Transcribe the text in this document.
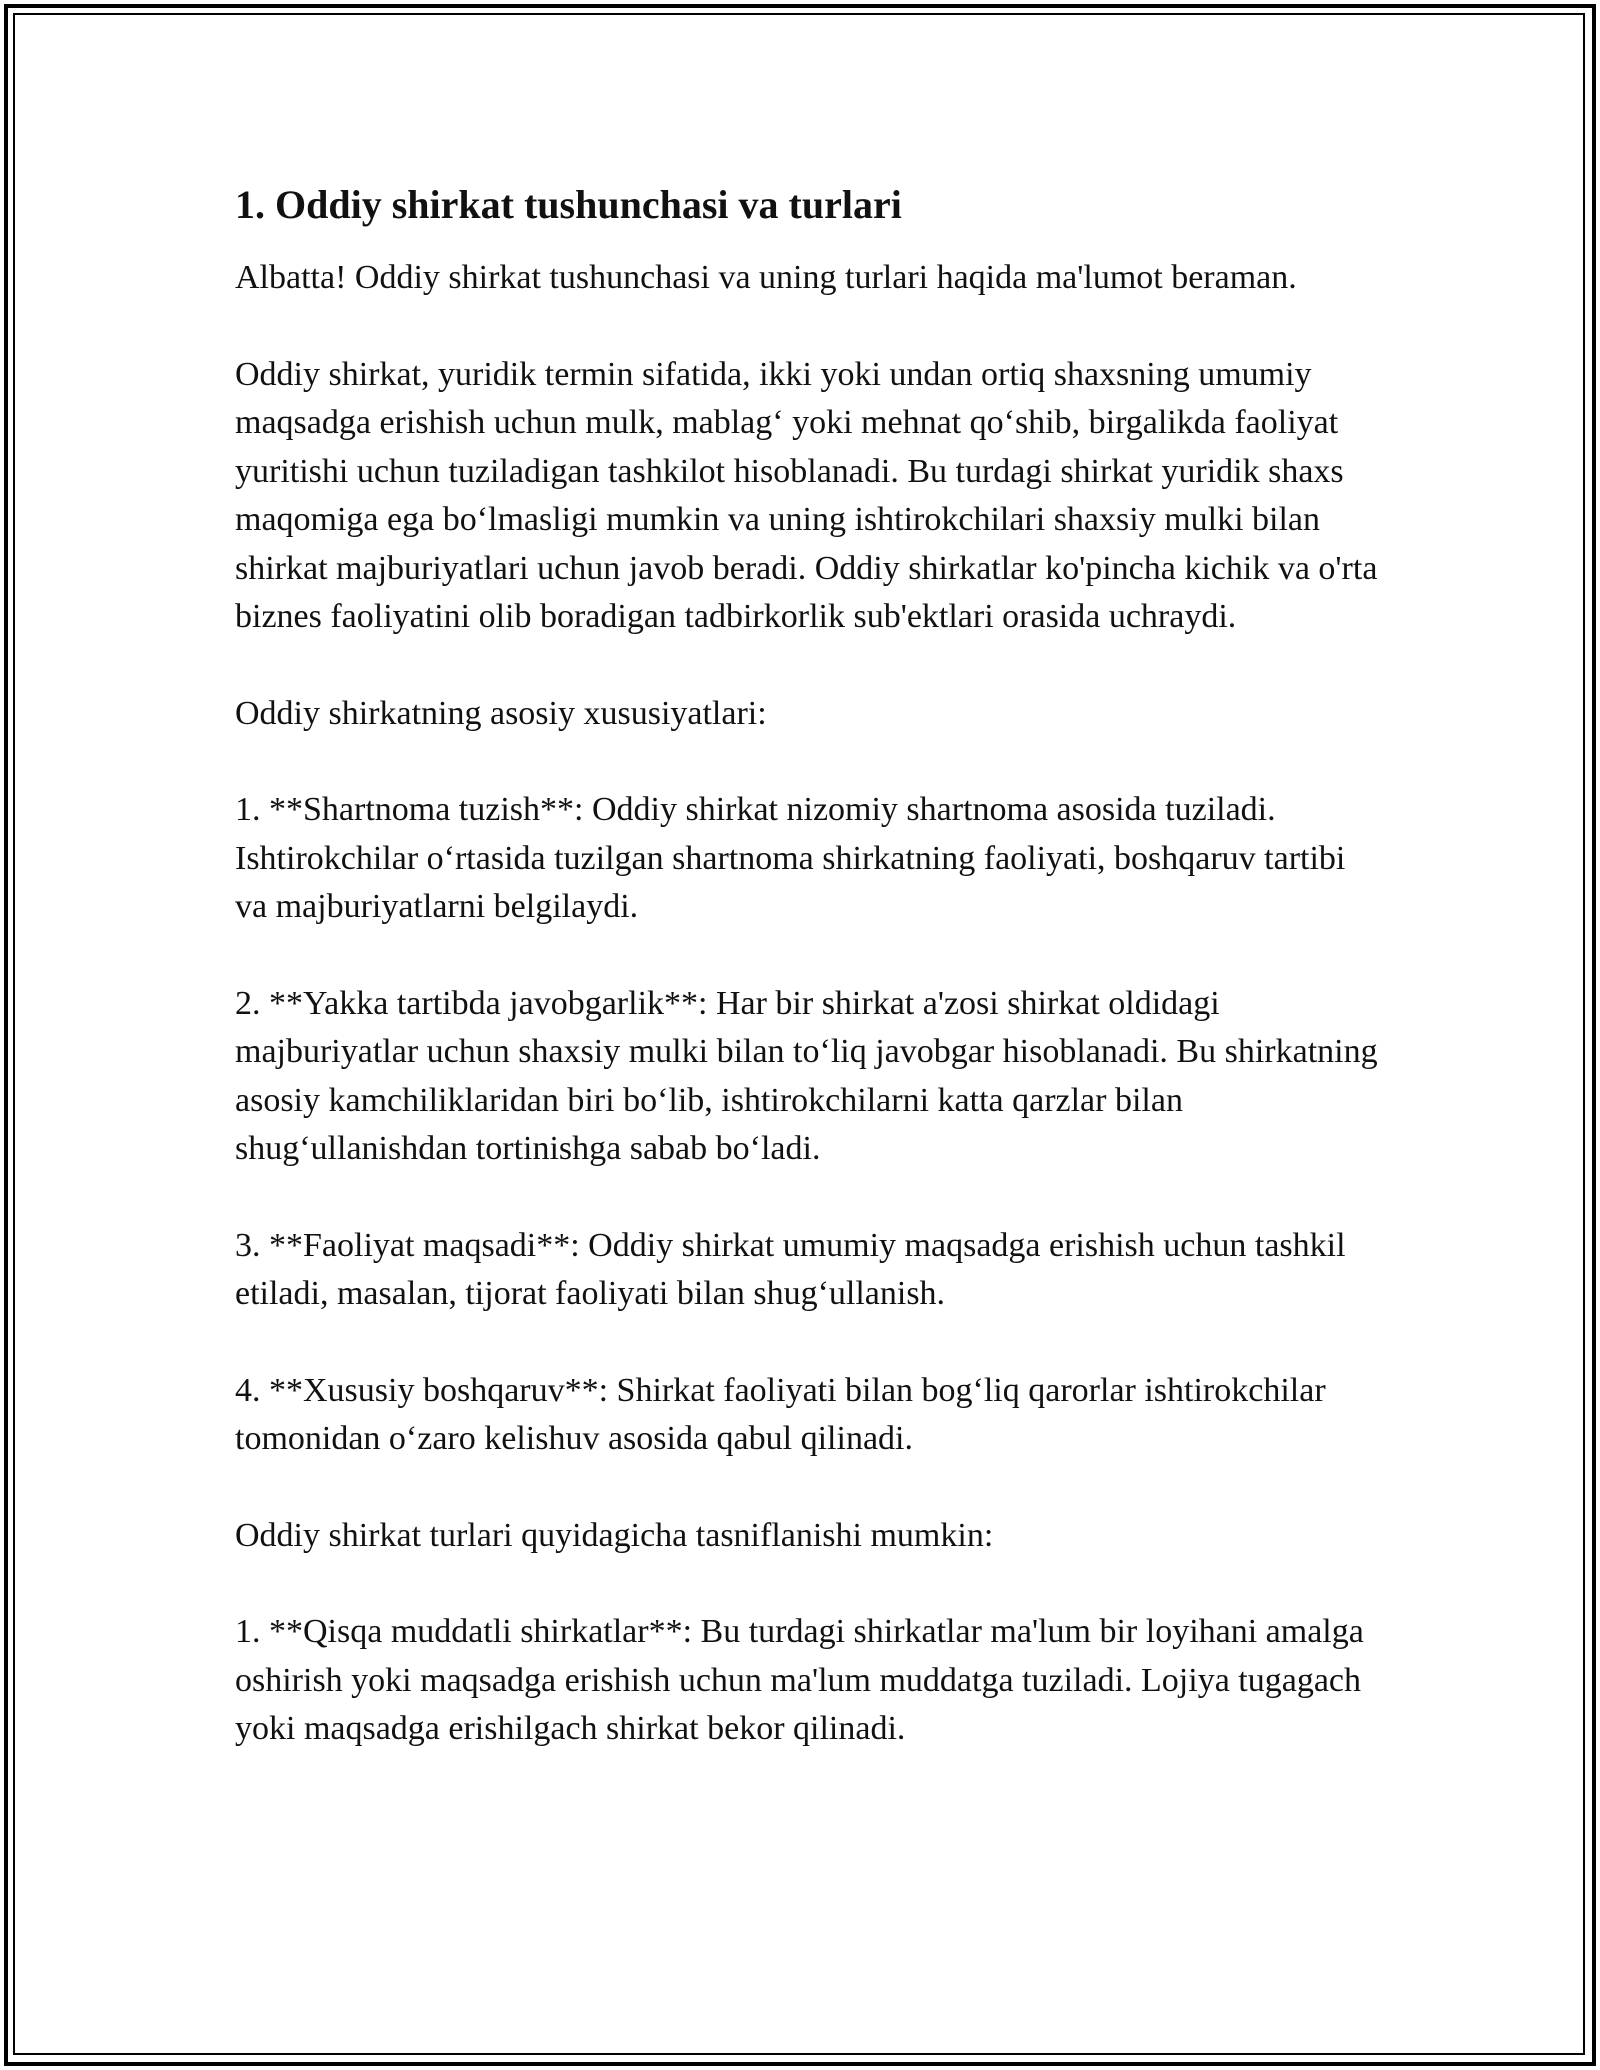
1. Oddiy shirkat tushunchasi va turlari

Albatta! Oddiy shirkat tushunchasi va uning turlari haqida ma'lumot beraman.

Oddiy shirkat, yuridik termin sifatida, ikki yoki undan ortiq shaxsning umumiy maqsadga erishish uchun mulk, mablag‘ yoki mehnat qo‘shib, birgalikda faoliyat yuritishi uchun tuziladigan tashkilot hisoblanadi. Bu turdagi shirkat yuridik shaxs maqomiga ega bo‘lmasligi mumkin va uning ishtirokchilari shaxsiy mulki bilan shirkat majburiyatlari uchun javob beradi. Oddiy shirkatlar ko'pincha kichik va o'rta biznes faoliyatini olib boradigan tadbirkorlik sub'ektlari orasida uchraydi.

Oddiy shirkatning asosiy xususiyatlari:

1. **Shartnoma tuzish**: Oddiy shirkat nizomiy shartnoma asosida tuziladi. Ishtirokchilar o‘rtasida tuzilgan shartnoma shirkatning faoliyati, boshqaruv tartibi va majburiyatlarni belgilaydi.

2. **Yakka tartibda javobgarlik**: Har bir shirkat a'zosi shirkat oldidagi majburiyatlar uchun shaxsiy mulki bilan to‘liq javobgar hisoblanadi. Bu shirkatning asosiy kamchiliklaridan biri bo‘lib, ishtirokchilarni katta qarzlar bilan shug‘ullanishdan tortinishga sabab bo‘ladi.

3. **Faoliyat maqsadi**: Oddiy shirkat umumiy maqsadga erishish uchun tashkil etiladi, masalan, tijorat faoliyati bilan shug‘ullanish.

4. **Xususiy boshqaruv**: Shirkat faoliyati bilan bog‘liq qarorlar ishtirokchilar tomonidan o‘zaro kelishuv asosida qabul qilinadi.

Oddiy shirkat turlari quyidagicha tasniflanishi mumkin:

1. **Qisqa muddatli shirkatlar**: Bu turdagi shirkatlar ma'lum bir loyihani amalga oshirish yoki maqsadga erishish uchun ma'lum muddatga tuziladi. Lojiya tugagach yoki maqsadga erishilgach shirkat bekor qilinadi.
